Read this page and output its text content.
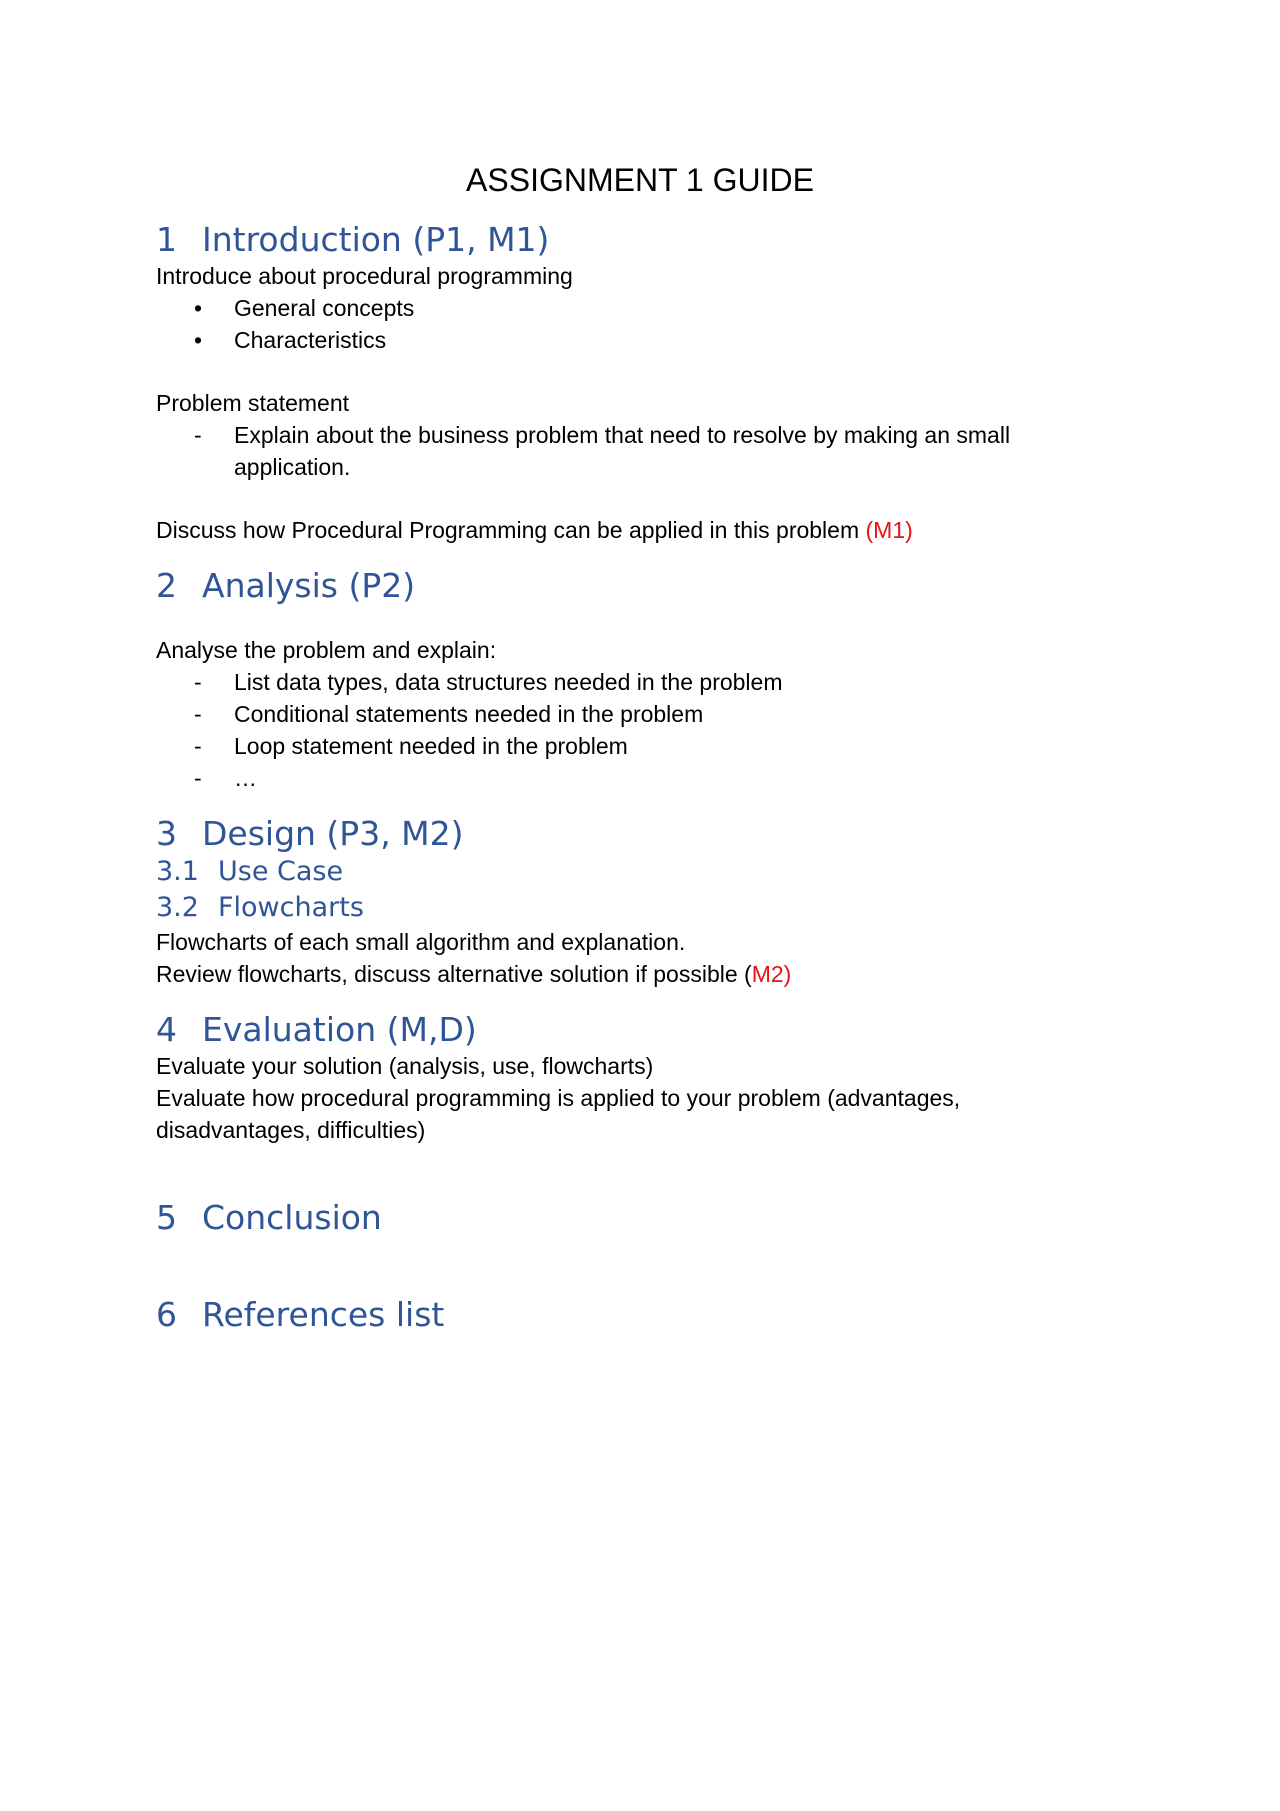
ASSIGNMENT 1 GUIDE
1 Introduction (P1, M1)

Introduce about procedural programming

• General concepts
• Characteristics

Problem statement

- Explain about the business problem that need to resolve by making an small application.

Discuss how Procedural Programming can be applied in this problem (M1)

2 Analysis (P2)

Analyse the problem and explain:

- List data types, data structures needed in the problem
- Conditional statements needed in the problem
- Loop statement needed in the problem
- …
3 Design (P3, M2)
3.1 Use Case
3.2 Flowcharts

Flowcharts of each small algorithm and explanation.

Review flowcharts, discuss alternative solution if possible (M2)

4 Evaluation (M,D)

Evaluate your solution (analysis, use, flowcharts)

Evaluate how procedural programming is applied to your problem (advantages, disadvantages, difficulties)

5 Conclusion
6 References list
